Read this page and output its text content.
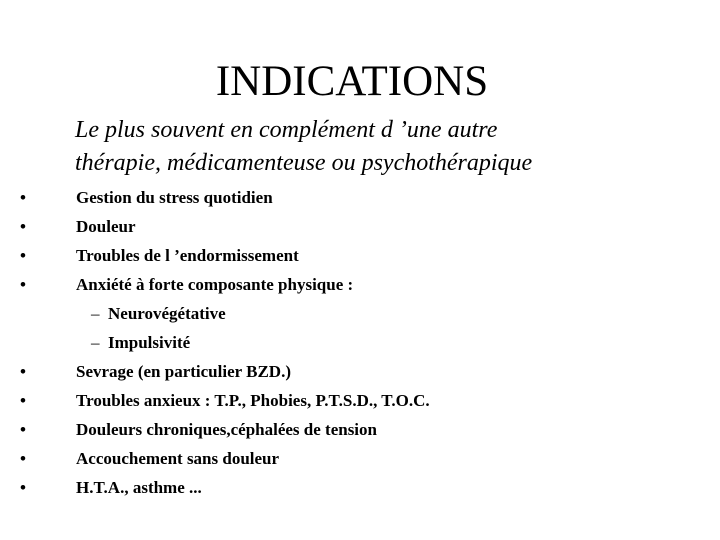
INDICATIONS
Le plus souvent en complément d ’une autre
thérapie, médicamenteuse ou psychothérapique
•	Gestion du stress quotidien
•	Douleur
•	Troubles de l ’endormissement
•	Anxiété à forte composante physique :
– Neurovégétative
– Impulsivité
•	Sevrage (en particulier BZD.)
•	Troubles anxieux : T.P., Phobies, P.T.S.D., T.O.C.
•	Douleurs chroniques,céphalées de tension
•	Accouchement sans douleur
•	H.T.A., asthme ...
